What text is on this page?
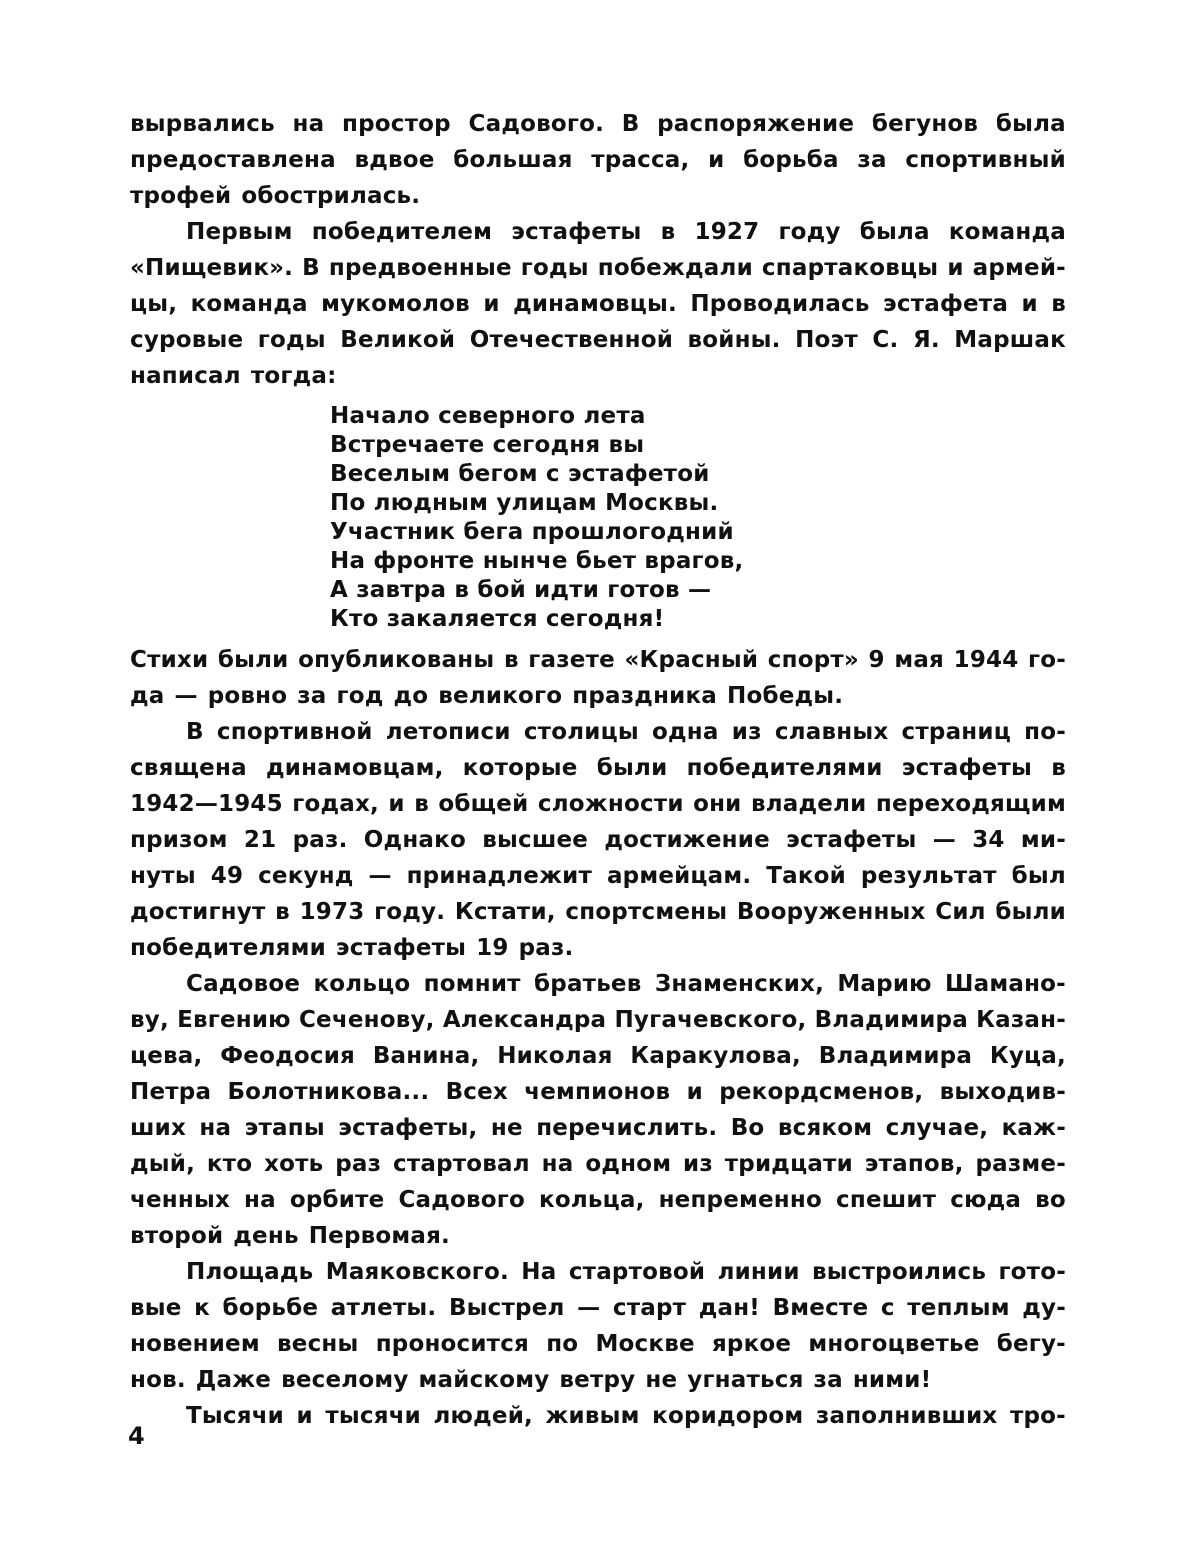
вырвались на простор Садового. В распоряжение бегунов была
предоставлена вдвое большая трасса, и борьба за спортивный
трофей обострилась.
Первым победителем эстафеты в 1927 году была команда
«Пищевик». В предвоенные годы побеждали спартаковцы и армей-
цы, команда мукомолов и динамовцы. Проводилась эстафета и в
суровые годы Великой Отечественной войны. Поэт С. Я. Маршак
написал тогда:
Начало северного лета
Встречаете сегодня вы
Веселым бегом с эстафетой
По людным улицам Москвы.
Участник бега прошлогодний
На фронте нынче бьет врагов,
А завтра в бой идти готов —
Кто закаляется сегодня!
Стихи были опубликованы в газете «Красный спорт» 9 мая 1944 го-
да — ровно за год до великого праздника Победы.
В спортивной летописи столицы одна из славных страниц по-
священа динамовцам, которые были победителями эстафеты в
1942—1945 годах, и в общей сложности они владели переходящим
призом 21 раз. Однако высшее достижение эстафеты — 34 ми-
нуты 49 секунд — принадлежит армейцам. Такой результат был
достигнут в 1973 году. Кстати, спортсмены Вооруженных Сил были
победителями эстафеты 19 раз.
Садовое кольцо помнит братьев Знаменских, Марию Шамано-
ву, Евгению Сеченову, Александра Пугачевского, Владимира Казан-
цева, Феодосия Ванина, Николая Каракулова, Владимира Куца,
Петра Болотникова... Всех чемпионов и рекордсменов, выходив-
ших на этапы эстафеты, не перечислить. Во всяком случае, каж-
дый, кто хоть раз стартовал на одном из тридцати этапов, разме-
ченных на орбите Садового кольца, непременно спешит сюда во
второй день Первомая.
Площадь Маяковского. На стартовой линии выстроились гото-
вые к борьбе атлеты. Выстрел — старт дан! Вместе с теплым ду-
новением весны проносится по Москве яркое многоцветье бегу-
нов. Даже веселому майскому ветру не угнаться за ними!
Тысячи и тысячи людей, живым коридором заполнивших тро-
4
